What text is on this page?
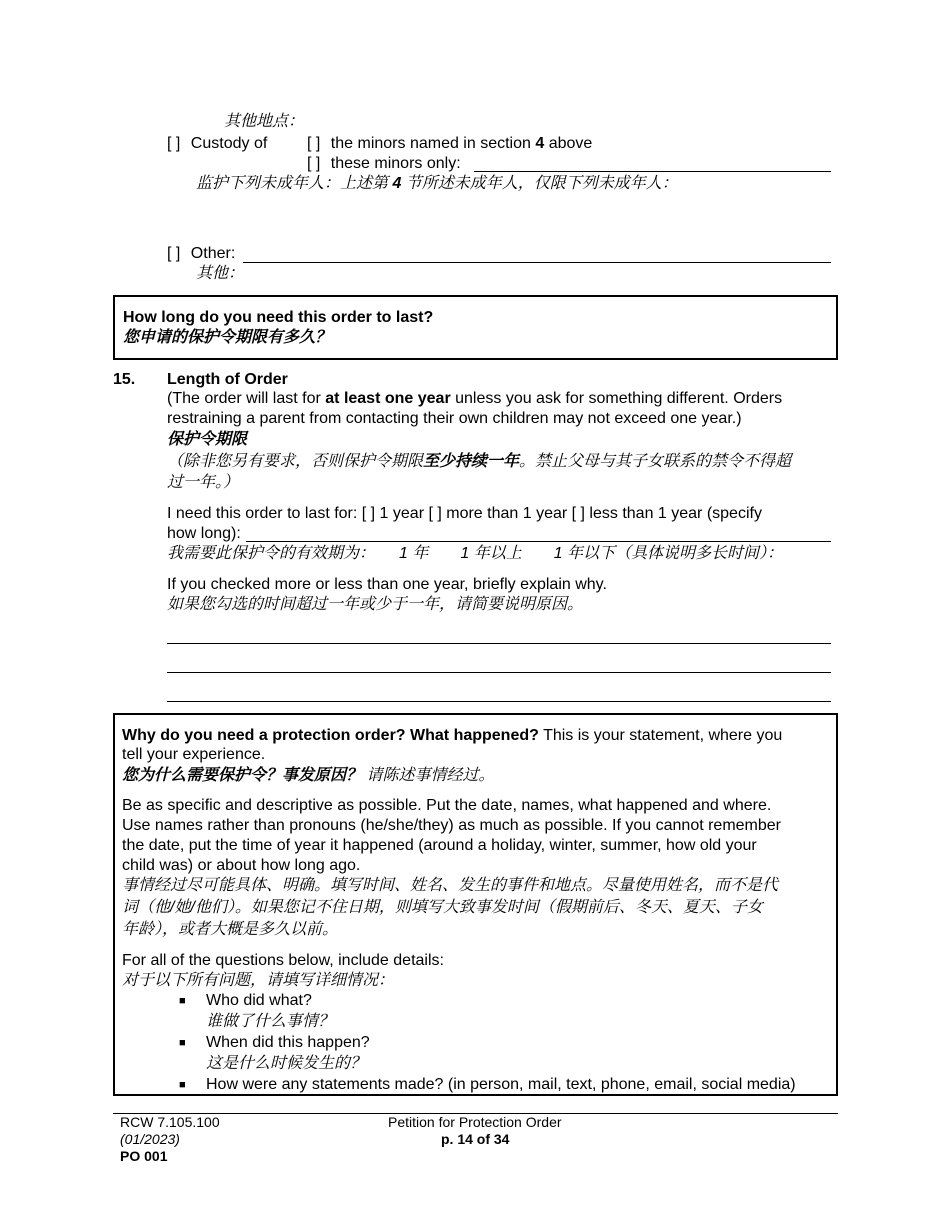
其他地点：
[ ] Custody of [ ] the minors named in section 4 above
[ ] these minors only:
监护下列未成年人：上述第 4 节所述未成年人，仅限下列未成年人：
[ ] Other:
其他：
How long do you need this order to last?
您申请的保护令期限有多久？
15. Length of Order
(The order will last for at least one year unless you ask for something different. Orders
restraining a parent from contacting their own children may not exceed one year.)
保护令期限
（除非您另有要求，否则保护令期限至少持续一年。禁止父母与其子女联系的禁令不得超
过一年。）
I need this order to last for: [ ] 1 year [ ] more than 1 year [ ] less than 1 year (specify
how long):
我需要此保护令的有效期为：　　1 年　　1 年以上　　1 年以下（具体说明多长时间）：
If you checked more or less than one year, briefly explain why.
如果您勾选的时间超过一年或少于一年，请简要说明原因。
Why do you need a protection order? What happened? This is your statement, where you
tell your experience.
您为什么需要保护令？事发原因？ 请陈述事情经过。
Be as specific and descriptive as possible. Put the date, names, what happened and where.
Use names rather than pronouns (he/she/they) as much as possible. If you cannot remember
the date, put the time of year it happened (around a holiday, winter, summer, how old your
child was) or about how long ago.
事情经过尽可能具体、明确。填写时间、姓名、发生的事件和地点。尽量使用姓名，而不是代
词（他/她/他们）。如果您记不住日期，则填写大致事发时间（假期前后、冬天、夏天、子女
年龄），或者大概是多久以前。
For all of the questions below, include details:
对于以下所有问题，请填写详细情况：
■ Who did what?
谁做了什么事情？
■ When did this happen?
这是什么时候发生的？
■ How were any statements made? (in person, mail, text, phone, email, social media)
RCW 7.105.100
(01/2023)
PO 001
Petition for Protection Order
p. 14 of 34
